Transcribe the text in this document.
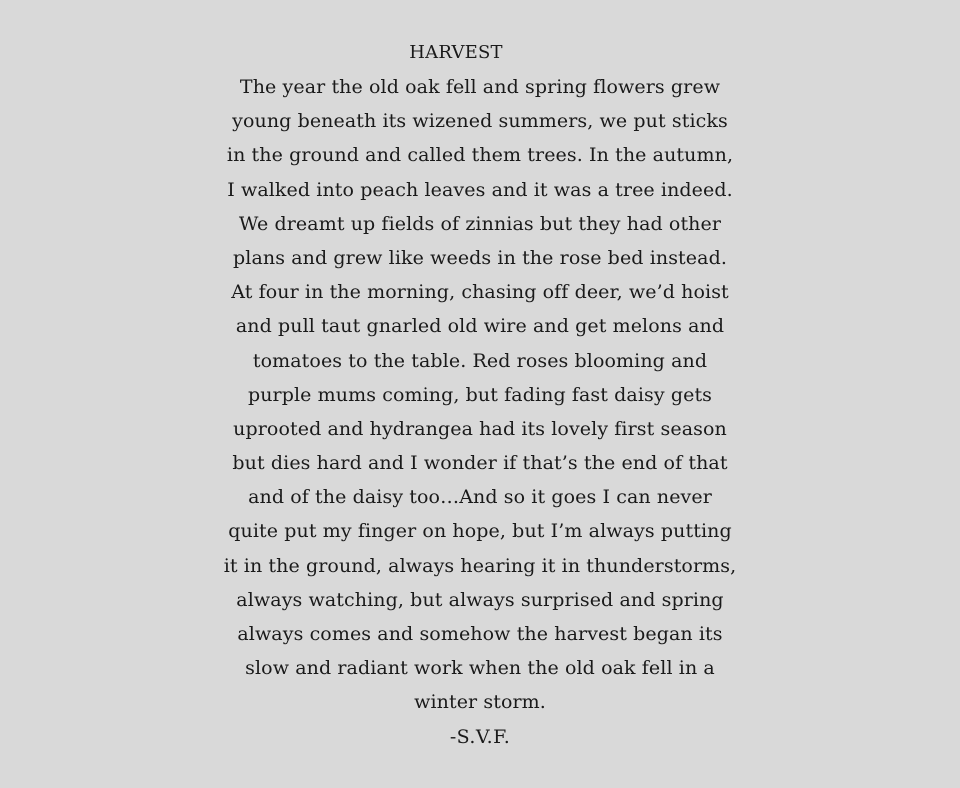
HARVEST
The year the old oak fell and spring flowers grew
young beneath its wizened summers, we put sticks
in the ground and called them trees. In the autumn,
I walked into peach leaves and it was a tree indeed.
We dreamt up fields of zinnias but they had other
plans and grew like weeds in the rose bed instead.
At four in the morning, chasing off deer, we’d hoist
and pull taut gnarled old wire and get melons and
tomatoes to the table. Red roses blooming and
purple mums coming, but fading fast daisy gets
uprooted and hydrangea had its lovely first season
but dies hard and I wonder if that’s the end of that
and of the daisy too…And so it goes I can never
quite put my finger on hope, but I’m always putting
it in the ground, always hearing it in thunderstorms,
always watching, but always surprised and spring
always comes and somehow the harvest began its
slow and radiant work when the old oak fell in a
winter storm.
-S.V.F.
